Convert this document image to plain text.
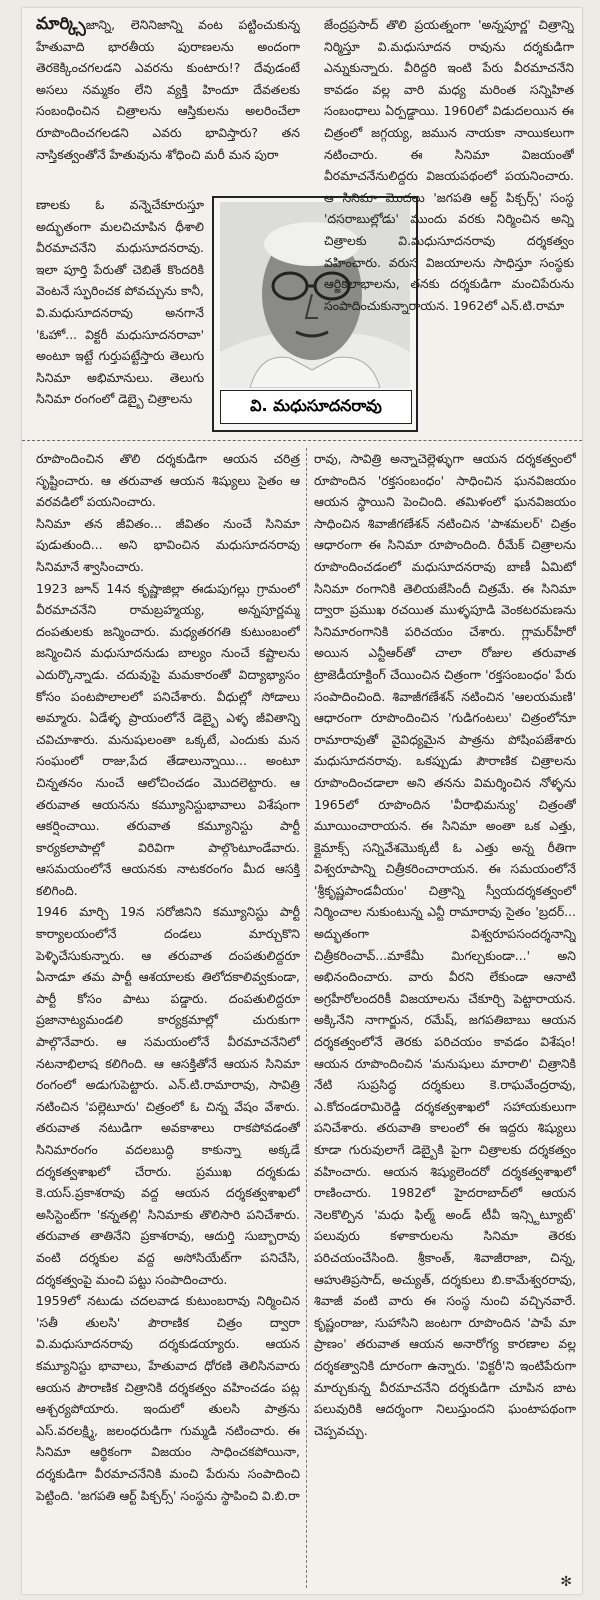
మార్క్సిజాన్ని, లెనినిజాన్ని వంట పట్టించుకున్న హేతువాది భారతీయ పురాణలను అందంగా తెరకెక్కించగలడని ఎవరను కుంటారు!? దేవుడంటే అసలు నమ్మకం లేని వ్యక్తి హిందూ దేవతలకు సంబంధించిన చిత్రాలను ఆస్తికులను అలరించేలా రూపొందించగలడని ఎవరు భావిస్తారు? తన నాస్తికత్వంతోనే హేతువును శోధించి మరీ మన పురా

ణాలకు ఓ వన్నెచేకూరుస్తూ అద్భుతంగా మలచిచూపిన ధీశాలి వీరమాచనేని మధుసూదనరావు. ఇలా పూర్తి పేరుతో చెబితే కొందరికి వెంటనే స్ఫురించక పోవచ్చును కానీ, వి.మధుసూదనరావు అనగానే 'ఓహో... విక్టరీ మధుసూదనరావా' అంటూ ఇట్టే గుర్తుపట్టేస్తారు తెలుగు సినిమా అభిమానులు. తెలుగు సినిమా రంగంలో డెబ్బై చిత్రాలను	వి. మధుసూదనరావు

జేంద్రప్రసాద్ తొలి ప్రయత్నంగా 'అన్నపూర్ణ' చిత్రాన్ని నిర్మిస్తూ వి.మధుసూదన రావును దర్శకుడిగా ఎన్నుకున్నారు. వీరిద్దరి ఇంటి పేరు వీరమాచనేని కావడం వల్ల వారి మధ్య మరింత సన్నిహిత సంబంధాలు ఏర్పడ్డాయి. 1960లో విడుదలయిన ఈ చిత్రంలో జగ్గయ్య, జమున నాయకా నాయికలుగా నటించారు. ఈ సినిమా విజయంతో వీరమాచనేనులిద్దరు విజయపథంలో పయనించారు. ఆ సినిమా మొదలు 'జగపతి ఆర్ట్ పిక్చర్స్' సంస్థ 'దసరాబుల్లోడు' ముందు వరకు నిర్మించిన అన్ని చిత్రాలకు వి.మధుసూదనరావు దర్శకత్వం వహించారు. వరుస విజయాలను సాధిస్తూ సంస్థకు ఆర్జికలాభాలను, తనకు దర్శకుడిగా మంచిపేరును సంపాదించుకున్నారాయన. 1962లో ఎన్.టి.రామా

రూపొందించిన తొలి దర్శకుడిగా ఆయన చరిత్ర సృష్టించారు. ఆ తరువాత ఆయన శిష్యులు సైతం ఆ వరవడిలో పయనించారు.

సినిమా తన జీవితం... జీవితం నుంచే సినిమా పుడుతుంది... అని భావించిన మధుసూదనరావు సినిమానే శ్వాసించారు.

1923 జూన్ 14న కృష్ణాజిల్లా ఈడుపుగల్లు గ్రామంలో వీరమాచనేని రామబ్రహ్మయ్య, అన్నపూర్ణమ్మ దంపతులకు జన్మించారు. మధ్యతరగతి కుటుంబంలో జన్మించిన మధుసూదనుడు బాల్యం నుంచే కష్టాలను ఎదుర్కొన్నాడు. చదువుపై మమకారంతో విద్యాభ్యాసం కోసం పంటపొలాలలో పనిచేశారు. వీధుల్లో సోడాలు అమ్మారు. ఏడేళ్ళ ప్రాయంలోనే డెబ్బై ఎళ్ళ జీవితాన్ని చవిచూశారు. మనుషులంతా ఒక్కటే, ఎందుకు మన సంఘంలో రాజు,పేద తేడాలున్నాయి... అంటూ చిన్నతనం నుంచే ఆలోచించడం మొదలెట్టారు. ఆ తరువాత ఆయనను కమ్యూనిస్టుభావాలు విశేషంగా ఆకర్షించాయి. తరువాత కమ్యూనిస్టు పార్టీ కార్యకలాపాల్లో విరివిగా పాల్గొంటూండేవారు. ఆసమయంలోనే ఆయనకు నాటకరంగం మీద ఆసక్తి కలిగింది.

1946 మార్చి 19న సరోజినిని కమ్యూనిస్టు పార్టీ కార్యాలయంలోనే దండలు మార్చుకొని పెళ్ళిచేసుకున్నారు. ఆ తరువాత దంపతులిద్దరూ ఏనాడూ తమ పార్టీ ఆశయాలకు తిలోదకాలివ్వకుండా, పార్టీ కోసం పాటు పడ్డారు. దంపతులిద్దరూ ప్రజానాట్యమండలి కార్యక్రమాల్లో చురుకుగా పాల్గొనేవారు. ఆ సమయంలోనే వీరమాచనేనిలో నటనాభిలాష కలిగింది. ఆ ఆసక్తితోనే ఆయన సినిమా రంగంలో అడుగుపెట్టారు. ఎన్.టి.రామారావు, సావిత్రి నటించిన 'పల్లెటూరు' చిత్రంలో ఓ చిన్న వేషం వేశారు. తరువాత నటుడిగా అవకాశాలు రాకపోవడంతో సినిమారంగం వదలబుద్ధి కాకున్నా అక్కడే దర్శకత్వశాఖలో చేరారు. ప్రముఖ దర్శకుడు కె.యస్.ప్రకాశరావు వద్ద ఆయన దర్శకత్వశాఖలో అసిస్టెంట్‌గా 'కన్నతల్లి' సినిమాకు తొలిసారి పనిచేశారు. తరువాత తాతినేని ప్రకాశరావు, ఆదుర్తి సుబ్బారావు వంటి దర్శకుల వద్ద అసోసియేట్‌గా పనిచేసి, దర్శకత్వంపై మంచి పట్టు సంపాదించారు.

1959లో నటుడు చదలవాడ కుటుంబరావు నిర్మించిన 'సతీ తులసి' పౌరాణిక చిత్రం ద్వారా వి.మధుసూదనరావు దర్శకుడయ్యారు. ఆయన కమ్యూనిస్టు భావాలు, హేతువాద ధోరణి తెలిసినవారు ఆయన పౌరాణిక చిత్రానికి దర్శకత్వం వహించడం పట్ల ఆశ్చర్యపోయారు. ఇందులో తులసి పాత్రను ఎస్.వరలక్ష్మి, జలంధరుడిగా గుమ్మడి నటించారు. ఈ సినిమా ఆర్థికంగా విజయం సాధించకపోయినా, దర్శకుడిగా వీరమాచనేనికి మంచి పేరును సంపాదించి పెట్టింది. 'జగపతి ఆర్ట్ పిక్చర్స్' సంస్థను స్థాపించి వి.బి.రా

రావు, సావిత్రి అన్నాచెల్లెళ్ళుగా ఆయన దర్శకత్వంలో రూపొందిన 'రక్తసంబంధం' సాధించిన ఘనవిజయం ఆయన స్థాయిని పెంచింది. తమిళంలో ఘనవిజయం సాధించిన శివాజీగణేశన్ నటించిన 'పాశమలర్' చిత్రం ఆధారంగా ఈ సినిమా రూపొందింది. రీమేక్ చిత్రాలను రూపొందించడంలో మధుసూదనరావు బాణీ ఏమిటో సినిమా రంగానికి తెలియజేసిందీ చిత్రమే. ఈ సినిమా ద్వారా ప్రముఖ రచయిత ముళ్ళపూడి వెంకటరమణను సినిమారంగానికి పరిచయం చేశారు. గ్లామర్‌హీరో అయిన ఎన్టీఆర్‌తో చాలా రోజుల తరువాత ట్రాజెడీయాక్టింగ్ చేయించిన చిత్రంగా 'రక్తసంబంధం' పేరు సంపాదించింది. శివాజీగణేశన్ నటించిన 'ఆలయమణి' ఆధారంగా రూపొందించిన 'గుడిగంటలు' చిత్రంలోనూ రామారావుతో వైవిధ్యమైన పాత్రను పోషింపజేశారు మధుసూదనరావు. ఒకప్పుడు పౌరాణిక చిత్రాలను రూపొందించడాలా అని తనను విమర్శించిన నోళ్ళను 1965లో రూపొందిన 'వీరాభిమన్యు' చిత్రంతో మూయించారాయన. ఈ సినిమా అంతా ఒక ఎత్తు, క్లైమాక్స్ సన్నివేశమొక్కటీ ఓ ఎత్తు అన్న రీతిగా విశ్వరూపాన్ని చిత్రీకరించారాయన. ఈ సమయంలోనే 'శ్రీకృష్ణపాండవీయం' చిత్రాన్ని స్వీయదర్శకత్వంలో నిర్మించాల నుకుంటున్న ఎన్టీ రామారావు సైతం 'బ్రదర్... అద్భుతంగా విశ్వరూపసందర్శనాన్ని చిత్రీకరించావ్...మాకేమీ మిగల్చకుండా...' అని అభినందించారు. వారు వీరని లేకుండా ఆనాటి అగ్రహీరోలందరికీ విజయాలను చేకూర్చి పెట్టారాయన. అక్కినేని నాగార్జున, రమేష్, జగపతిబాబు ఆయన దర్శకత్వంలోనే తెరకు పరిచయం కావడం విశేషం! ఆయన రూపొందించిన 'మనుషులు మారాలి' చిత్రానికి నేటి సుప్రసిద్ధ దర్శకులు కె.రాఘవేంద్రరావు, ఎ.కోదండరామిరెడ్డి దర్శకత్వశాఖలో సహాయకులుగా పనిచేశారు. తరువాతి కాలంలో ఈ ఇద్దరు శిష్యులు కూడా గురువులాగే డెబ్బైకి పైగా చిత్రాలకు దర్శకత్వం వహించారు. ఆయన శిష్యులెందరో దర్శకత్వశాఖలో రాణించారు. 1982లో హైదరాబాద్‌లో ఆయన నెలకొల్పిన 'మధు ఫిల్మ్ అండ్ టీవీ ఇన్స్టిట్యూట్' పలువురు కళాకారులను సినిమా తెరకు పరిచయంచేసింది. శ్రీకాంత్, శివాజీరాజా, చిన్న, ఆహుతిప్రసాద్, అచ్యుత్, దర్శకులు బి.కామేశ్వరరావు, శివాజీ వంటి వారు ఈ సంస్థ నుంచి వచ్చినవారే. కృష్ణంరాజు, సుహాసిని జంటగా రూపొందిన 'పాపే మా ప్రాణం' తరువాత ఆయన అనారోగ్య కారణాల వల్ల దర్శకత్వానికి దూరంగా ఉన్నారు. 'విక్టరీ'ని ఇంటిపేరుగా మార్చుకున్న వీరమాచనేని దర్శకుడిగా చూపిన బాట పలువురికి ఆదర్శంగా నిలుస్తుందని ఘంటాపథంగా చెప్పవచ్చు.

✻
